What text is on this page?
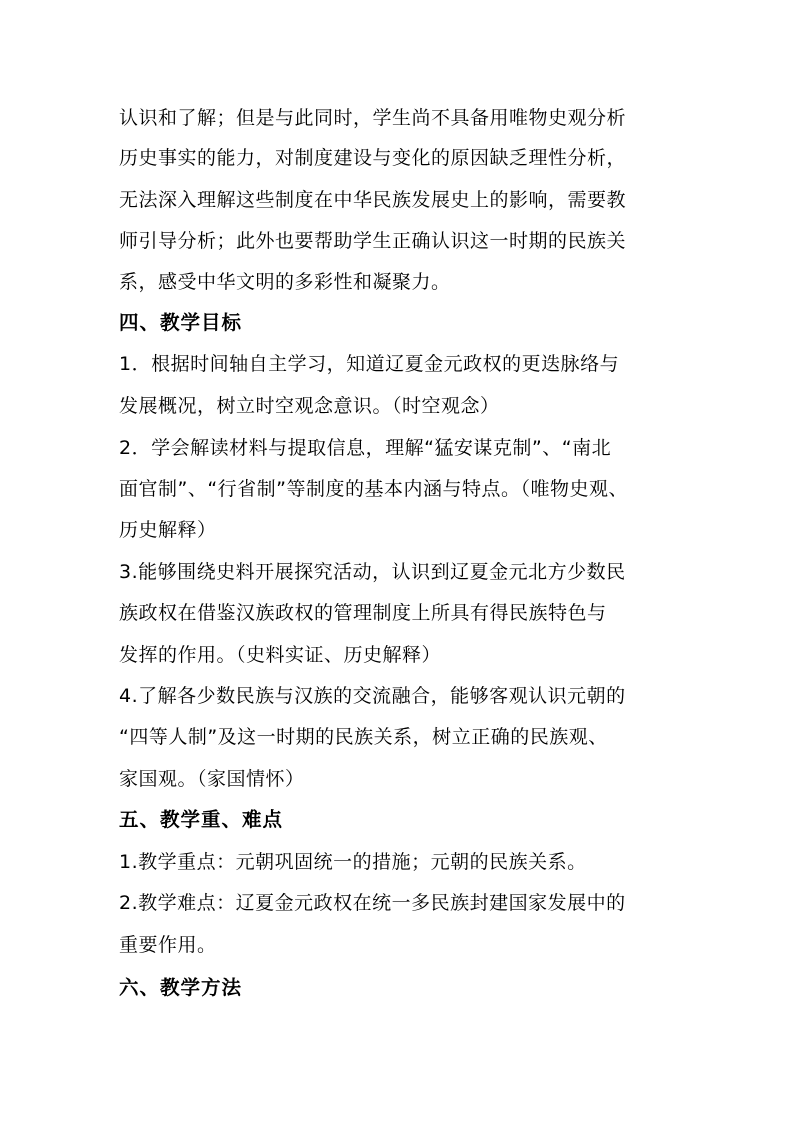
认识和了解；但是与此同时，学生尚不具备用唯物史观分析
历史事实的能力，对制度建设与变化的原因缺乏理性分析，
无法深入理解这些制度在中华民族发展史上的影响，需要教
师引导分析；此外也要帮助学生正确认识这一时期的民族关
系，感受中华文明的多彩性和凝聚力。
四、教学目标
1．根据时间轴自主学习，知道辽夏金元政权的更迭脉络与
发展概况，树立时空观念意识。（时空观念）
2．学会解读材料与提取信息，理解“猛安谋克制”、“南北
面官制”、“行省制”等制度的基本内涵与特点。（唯物史观、
历史解释）
3.能够围绕史料开展探究活动，认识到辽夏金元北方少数民
族政权在借鉴汉族政权的管理制度上所具有得民族特色与
发挥的作用。（史料实证、历史解释）
4.了解各少数民族与汉族的交流融合，能够客观认识元朝的
“四等人制”及这一时期的民族关系，树立正确的民族观、
家国观。（家国情怀）
五、教学重、难点
1.教学重点：元朝巩固统一的措施；元朝的民族关系。
2.教学难点：辽夏金元政权在统一多民族封建国家发展中的
重要作用。
六、教学方法
